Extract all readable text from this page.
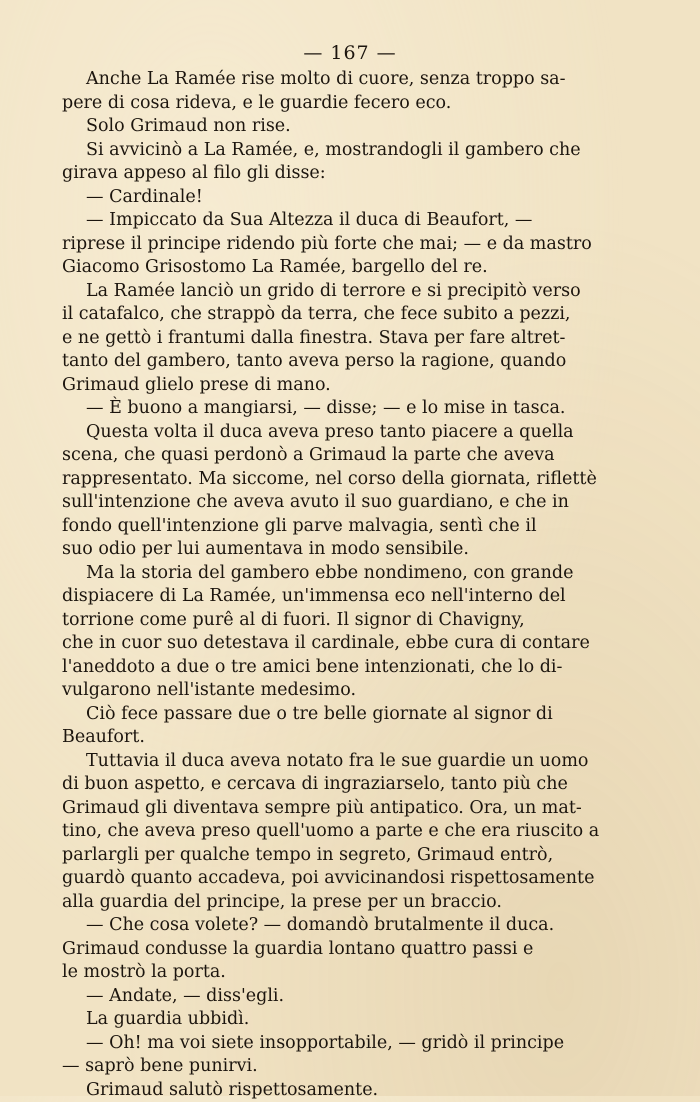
— 167 —
Anche La Ramée rise molto di cuore, senza troppo sa-
pere di cosa rideva, e le guardie fecero eco.
Solo Grimaud non rise.
Si avvicinò a La Ramée, e, mostrandogli il gambero che
girava appeso al filo gli disse:
— Cardinale!
— Impiccato da Sua Altezza il duca di Beaufort, —
riprese il principe ridendo più forte che mai; — e da mastro
Giacomo Grisostomo La Ramée, bargello del re.
La Ramée lanciò un grido di terrore e si precipitò verso
il catafalco, che strappò da terra, che fece subito a pezzi,
e ne gettò i frantumi dalla finestra. Stava per fare altret-
tanto del gambero, tanto aveva perso la ragione, quando
Grimaud glielo prese di mano.
— È buono a mangiarsi, — disse; — e lo mise in tasca.
Questa volta il duca aveva preso tanto piacere a quella
scena, che quasi perdonò a Grimaud la parte che aveva
rappresentato. Ma siccome, nel corso della giornata, riflettè
sull'intenzione che aveva avuto il suo guardiano, e che in
fondo quell'intenzione gli parve malvagia, sentì che il
suo odio per lui aumentava in modo sensibile.
Ma la storia del gambero ebbe nondimeno, con grande
dispiacere di La Ramée, un'immensa eco nell'interno del
torrione come purê al di fuori. Il signor di Chavigny,
che in cuor suo detestava il cardinale, ebbe cura di contare
l'aneddoto a due o tre amici bene intenzionati, che lo di-
vulgarono nell'istante medesimo.
Ciò fece passare due o tre belle giornate al signor di
Beaufort.
Tuttavia il duca aveva notato fra le sue guardie un uomo
di buon aspetto, e cercava di ingraziarselo, tanto più che
Grimaud gli diventava sempre più antipatico. Ora, un mat-
tino, che aveva preso quell'uomo a parte e che era riuscito a
parlargli per qualche tempo in segreto, Grimaud entrò,
guardò quanto accadeva, poi avvicinandosi rispettosamente
alla guardia del principe, la prese per un braccio.
— Che cosa volete? — domandò brutalmente il duca.
Grimaud condusse la guardia lontano quattro passi e
le mostrò la porta.
— Andate, — diss'egli.
La guardia ubbidì.
— Oh! ma voi siete insopportabile, — gridò il principe
— saprò bene punirvi.
Grimaud salutò rispettosamente.
